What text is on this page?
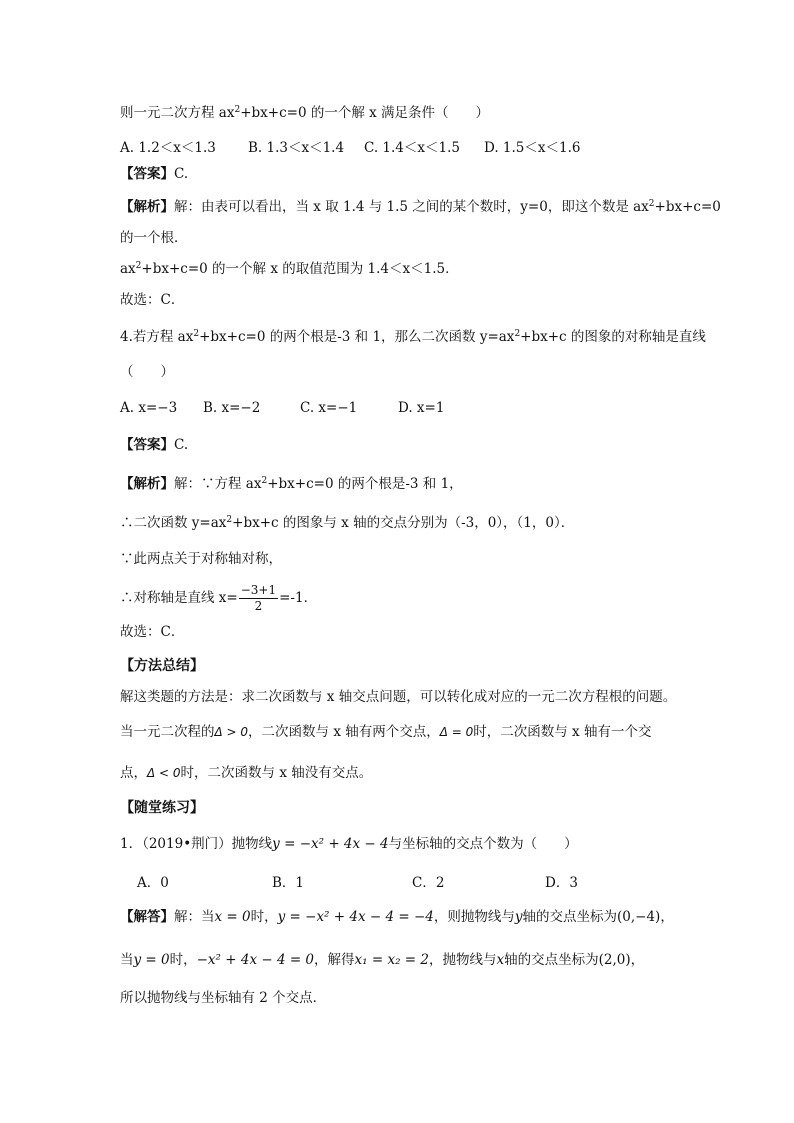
则一元二次方程 $ax^2+bx+c=0$ 的一个解 x 满足条件（　　）
A. 1.2＜x＜1.3 B. 1.3＜x＜1.4 C. 1.4＜x＜1.5 D. 1.5＜x＜1.6
【答案】C.
【解析】解：由表可以看出，当 x 取 1.4 与 1.5 之间的某个数时，y=0，即这个数是 $ax^2+bx+c=0$
的一个根．
$ax^2+bx+c=0$ 的一个解 x 的取值范围为 1.4＜x＜1.5．
故选：C．
4.若方程 $ax^2+bx+c=0$ 的两个根是-3 和 1，那么二次函数 $y=ax^2+bx+c$ 的图象的对称轴是直线
（　　）
A. x=−3 B. x=−2	C. x=−1	D. x=1
【答案】C.
【解析】解：∵方程 $ax^2+bx+c=0$ 的两个根是-3 和 1，
∴二次函数 $y=ax^2+bx+c$ 的图象与 x 轴的交点分别为（-3，0），（1，0）．
∵此两点关于对称轴对称，
∴对称轴是直线 $x= \frac{-3+1}{2} =-1$．
故选：C．
【方法总结】
解这类题的方法是：求二次函数与 x 轴交点问题，可以转化成对应的一元二次方程根的问题。
当一元二次程的Δ > 0，二次函数与 x 轴有两个交点，Δ = 0时，二次函数与 x 轴有一个交
点，Δ < 0时，二次函数与 x 轴没有交点。
【随堂练习】
1．（2019•荆门）抛物线y = −x² + 4x − 4与坐标轴的交点个数为（　　）
A．0	B．1	C．2	D．3
【解答】解：当x = 0时，y = −x² + 4x − 4 = −4，则抛物线与y轴的交点坐标为(0,−4)，
当y = 0时，−x² + 4x − 4 = 0，解得x₁ = x₂ = 2，抛物线与x轴的交点坐标为(2,0)，
所以抛物线与坐标轴有 2 个交点．
